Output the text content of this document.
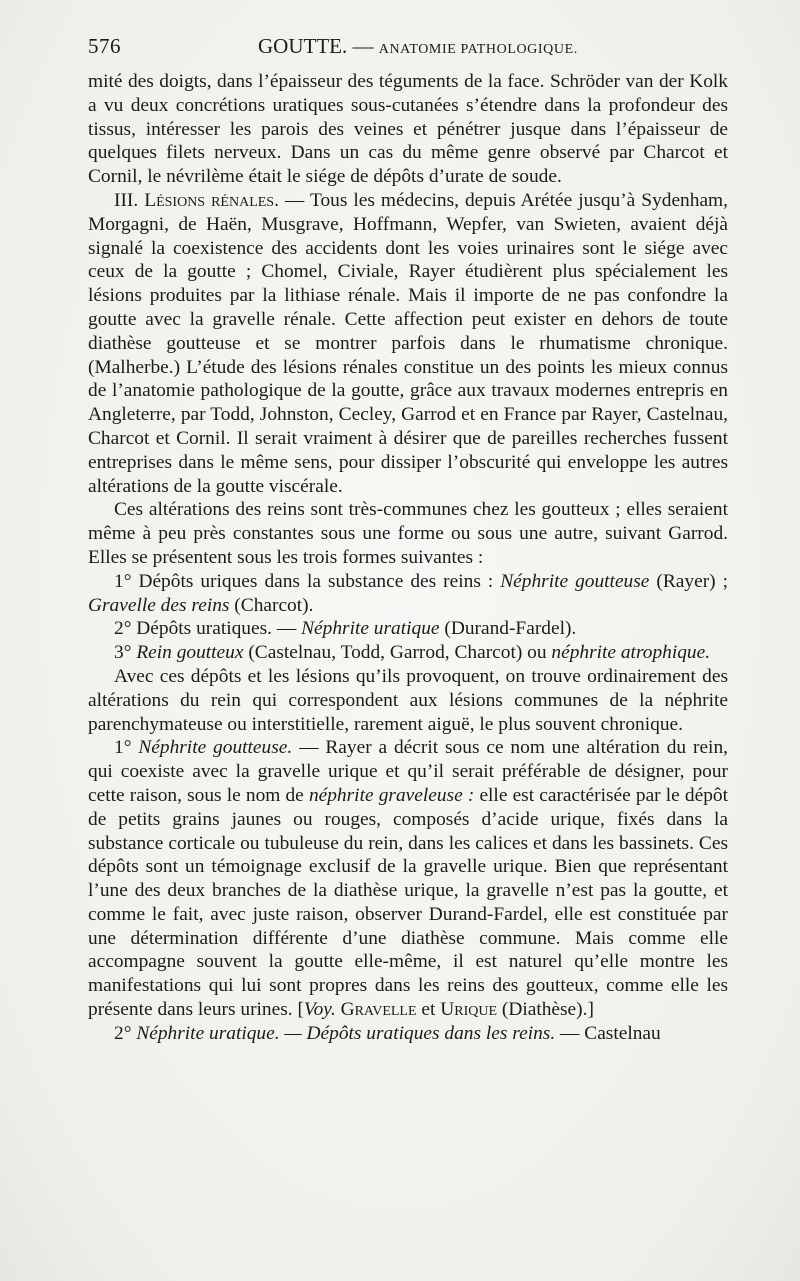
576	GOUTTE. — ANATOMIE PATHOLOGIQUE.

mité des doigts, dans l’épaisseur des téguments de la face. Schröder van der Kolk a vu deux concrétions uratiques sous-cutanées s’étendre dans la profondeur des tissus, intéresser les parois des veines et pénétrer jusque dans l’épaisseur de quelques filets nerveux. Dans un cas du même genre observé par Charcot et Cornil, le névrilème était le siége de dépôts d’urate de soude.

III. Lésions rénales. — Tous les médecins, depuis Arétée jusqu’à Sydenham, Morgagni, de Haën, Musgrave, Hoffmann, Wepfer, van Swieten, avaient déjà signalé la coexistence des accidents dont les voies urinaires sont le siége avec ceux de la goutte ; Chomel, Civiale, Rayer étudièrent plus spécialement les lésions produites par la lithiase rénale. Mais il importe de ne pas confondre la goutte avec la gravelle rénale. Cette affection peut exister en dehors de toute diathèse goutteuse et se montrer parfois dans le rhumatisme chronique. (Malherbe.) L’étude des lésions rénales constitue un des points les mieux connus de l’anatomie pathologique de la goutte, grâce aux travaux modernes entrepris en Angleterre, par Todd, Johnston, Cecley, Garrod et en France par Rayer, Castelnau, Charcot et Cornil. Il serait vraiment à désirer que de pareilles recherches fussent entreprises dans le même sens, pour dissiper l’obscurité qui enveloppe les autres altérations de la goutte viscérale.

Ces altérations des reins sont très-communes chez les goutteux ; elles seraient même à peu près constantes sous une forme ou sous une autre, suivant Garrod. Elles se présentent sous les trois formes suivantes :

1° Dépôts uriques dans la substance des reins : Néphrite goutteuse (Rayer) ; Gravelle des reins (Charcot).

2° Dépôts uratiques. — Néphrite uratique (Durand-Fardel).

3° Rein goutteux (Castelnau, Todd, Garrod, Charcot) ou néphrite atrophique.

Avec ces dépôts et les lésions qu’ils provoquent, on trouve ordinairement des altérations du rein qui correspondent aux lésions communes de la néphrite parenchymateuse ou interstitielle, rarement aiguë, le plus souvent chronique.

1° Néphrite goutteuse. — Rayer a décrit sous ce nom une altération du rein, qui coexiste avec la gravelle urique et qu’il serait préférable de désigner, pour cette raison, sous le nom de néphrite graveleuse : elle est caractérisée par le dépôt de petits grains jaunes ou rouges, composés d’acide urique, fixés dans la substance corticale ou tubuleuse du rein, dans les calices et dans les bassinets. Ces dépôts sont un témoignage exclusif de la gravelle urique. Bien que représentant l’une des deux branches de la diathèse urique, la gravelle n’est pas la goutte, et comme le fait, avec juste raison, observer Durand-Fardel, elle est constituée par une détermination différente d’une diathèse commune. Mais comme elle accompagne souvent la goutte elle-même, il est naturel qu’elle montre les manifestations qui lui sont propres dans les reins des goutteux, comme elle les présente dans leurs urines. [Voy. Gravelle et Urique (Diathèse).]

2° Néphrite uratique. — Dépôts uratiques dans les reins. — Castelnau
